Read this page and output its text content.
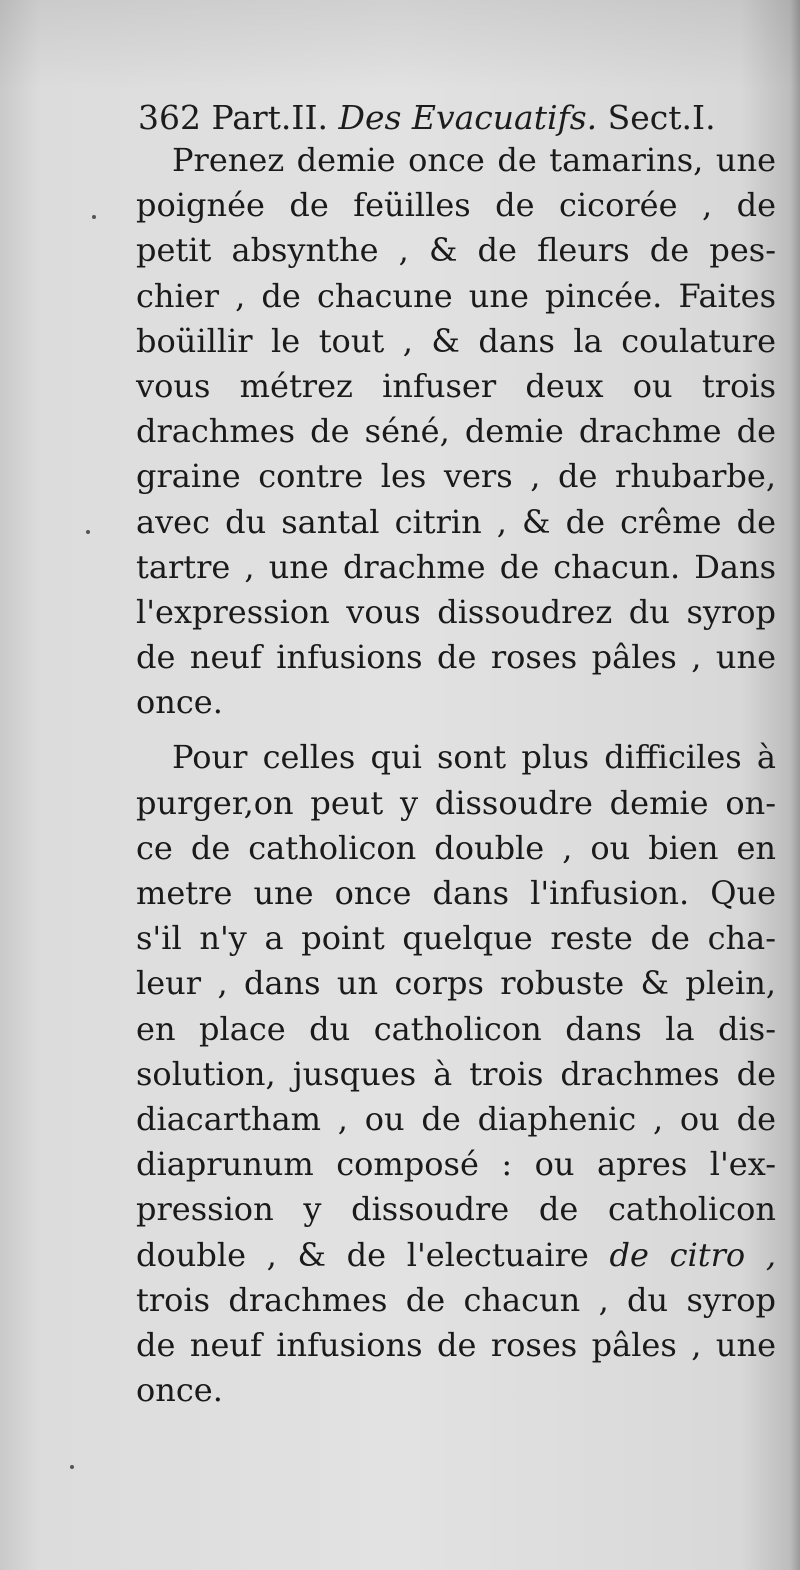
362 Part.II. Des Evacuatifs. Sect.I.
Prenez demie once de tamarins, une
poignée de feüilles de cicorée , de
petit absynthe , & de fleurs de pes-
chier , de chacune une pincée. Faites
boüillir le tout , & dans la coulature
vous métrez infuser deux ou trois
drachmes de séné, demie drachme de
graine contre les vers , de rhubarbe,
avec du santal citrin , & de crême de
tartre , une drachme de chacun. Dans
l'expression vous dissoudrez du syrop
de neuf infusions de roses pâles , une
once.
Pour celles qui sont plus difficiles à
purger,on peut y dissoudre demie on-
ce de catholicon double , ou bien en
metre une once dans l'infusion. Que
s'il n'y a point quelque reste de cha-
leur , dans un corps robuste & plein,
en place du catholicon dans la dis-
solution, jusques à trois drachmes de
diacartham , ou de diaphenic , ou de
diaprunum composé : ou apres l'ex-
pression y dissoudre de catholicon
double , & de l'electuaire de citro ,
trois drachmes de chacun , du syrop
de neuf infusions de roses pâles , une
once.
